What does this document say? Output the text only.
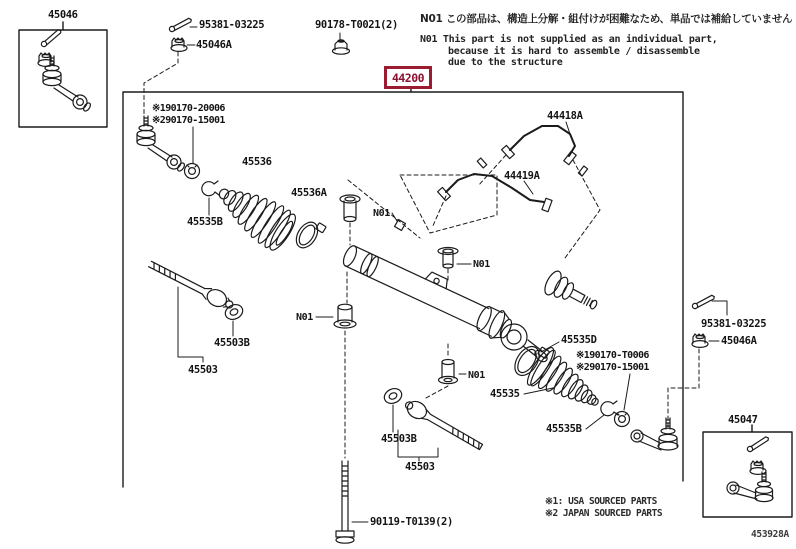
44200
N01 この部品は、構造上分解・組付けが困難なため、単品では補給していません
N01 This part is not supplied as an individual part,
because it is hard to assemble / disassemble
due to the structure
※1: USA SOURCED PARTS
※2 JAPAN SOURCED PARTS
453928A
45046
95381-03225
45046A
90178-T0021(2)
※190170-20006
※290170-15001
45536
45536A
45535B
N01
44418A
44419A
N01
N01
N01
45503B
45503
45535D
※190170-T0006
※290170-15001
45535
45535B
45503B
45503
90119-T0139(2)
95381-03225
45046A
45047
